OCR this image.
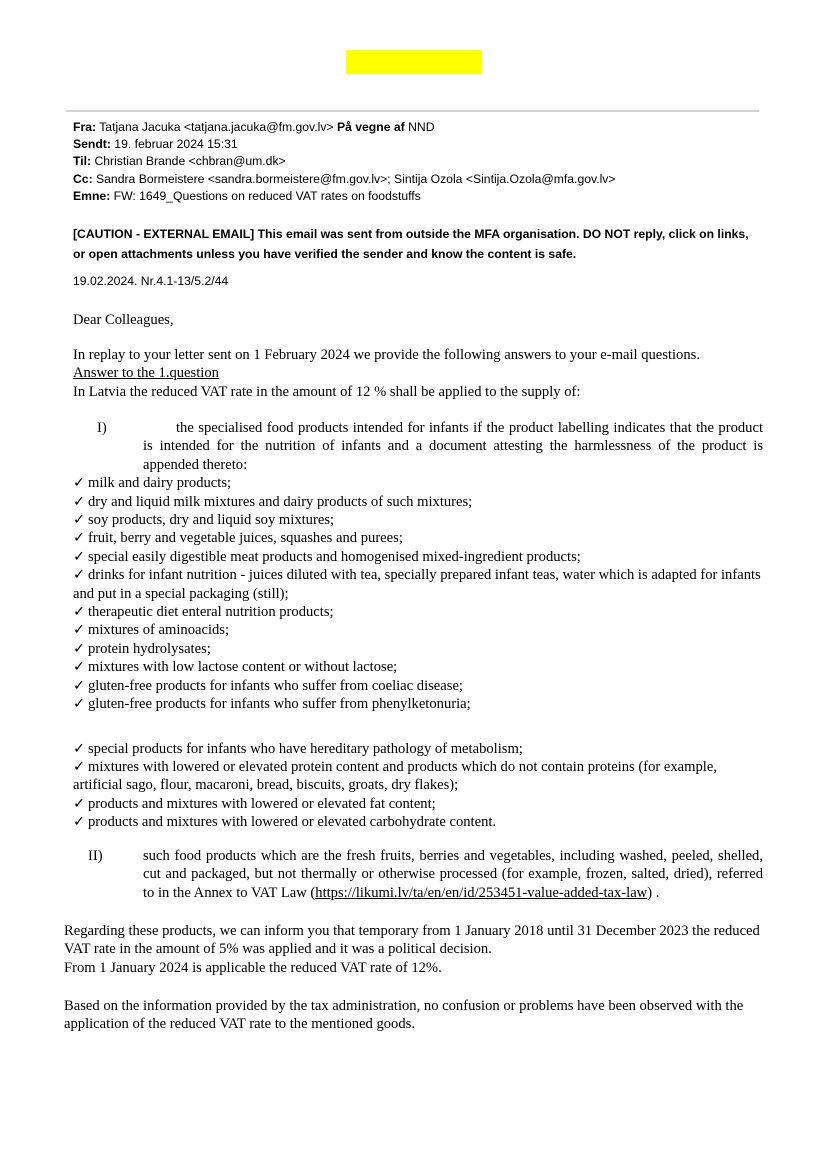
Fra: Tatjana Jacuka <tatjana.jacuka@fm.gov.lv> På vegne af NND
Sendt: 19. februar 2024 15:31
Til: Christian Brande <chbran@um.dk>
Cc: Sandra Bormeistere <sandra.bormeistere@fm.gov.lv>; Sintija Ozola <Sintija.Ozola@mfa.gov.lv>
Emne: FW: 1649_Questions on reduced VAT rates on foodstuffs
[CAUTION - EXTERNAL EMAIL] This email was sent from outside the MFA organisation. DO NOT reply, click on links, or open attachments unless you have verified the sender and know the content is safe.
19.02.2024. Nr.4.1-13/5.2/44
Dear Colleagues,
In replay to your letter sent on 1 February 2024 we provide the following answers to your e-mail questions.
Answer to the 1.question
In Latvia the reduced VAT rate in the amount of 12 % shall be applied to the supply of:
I)	the specialised food products intended for infants if the product labelling indicates that the product is intended for the nutrition of infants and a document attesting the harmlessness of the product is appended thereto:
✓ milk and dairy products;
✓ dry and liquid milk mixtures and dairy products of such mixtures;
✓ soy products, dry and liquid soy mixtures;
✓ fruit, berry and vegetable juices, squashes and purees;
✓ special easily digestible meat products and homogenised mixed-ingredient products;
✓ drinks for infant nutrition - juices diluted with tea, specially prepared infant teas, water which is adapted for infants and put in a special packaging (still);
✓ therapeutic diet enteral nutrition products;
✓ mixtures of aminoacids;
✓ protein hydrolysates;
✓ mixtures with low lactose content or without lactose;
✓ gluten-free products for infants who suffer from coeliac disease;
✓ gluten-free products for infants who suffer from phenylketonuria;
✓ special products for infants who have hereditary pathology of metabolism;
✓ mixtures with lowered or elevated protein content and products which do not contain proteins (for example, artificial sago, flour, macaroni, bread, biscuits, groats, dry flakes);
✓ products and mixtures with lowered or elevated fat content;
✓ products and mixtures with lowered or elevated carbohydrate content.
II)	such food products which are the fresh fruits, berries and vegetables, including washed, peeled, shelled, cut and packaged, but not thermally or otherwise processed (for example, frozen, salted, dried), referred to in the Annex to VAT Law (https://likumi.lv/ta/en/en/id/253451-value-added-tax-law) .
Regarding these products, we can inform you that temporary from 1 January 2018 until 31 December 2023 the reduced VAT rate in the amount of 5% was applied and it was a political decision.
From 1 January 2024 is applicable the reduced VAT rate of 12%.
Based on the information provided by the tax administration, no confusion or problems have been observed with the application of the reduced VAT rate to the mentioned goods.
